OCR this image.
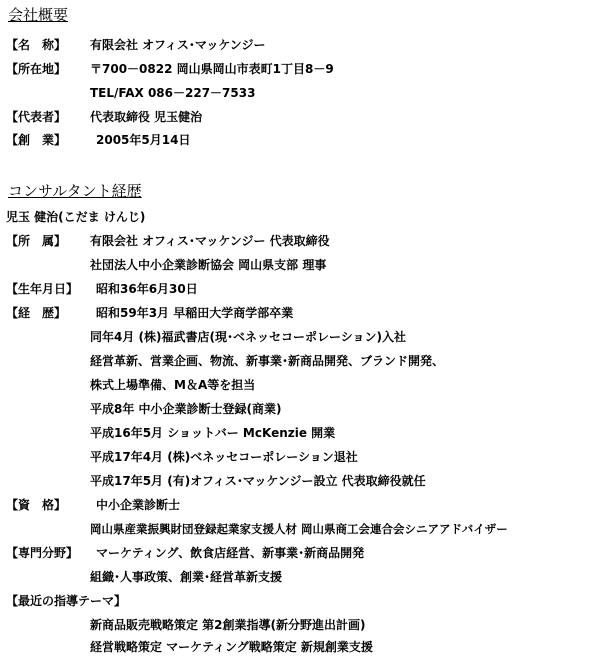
会社概要
【名　称】 有限会社 オフィス･マッケンジー
【所在地】 〒700－0822 岡山県岡山市表町1丁目8－9
TEL/FAX 086－227－7533
【代表者】 代表取締役 児玉健治
【創　業】 2005年5月14日
コンサルタント経歴
児玉 健治(こだま けんじ)
【所　属】 有限会社 オフィス･マッケンジー 代表取締役
社団法人中小企業診断協会 岡山県支部 理事
【生年月日】 昭和36年6月30日
【経　歴】 昭和59年3月 早稲田大学商学部卒業
同年4月 (株)福武書店(現･ベネッセコーポレーション)入社
経営革新、営業企画、物流、新事業･新商品開発、ブランド開発、
株式上場準備、M＆A等を担当
平成8年 中小企業診断士登録(商業)
平成16年5月 ショットバー McKenzie 開業
平成17年4月 (株)ベネッセコーポレーション退社
平成17年5月 (有)オフィス･マッケンジー設立 代表取締役就任
【資　格】 中小企業診断士
岡山県産業振興財団登録起業家支援人材 岡山県商工会連合会シニアアドバイザー
【専門分野】 マーケティング、飲食店経営、新事業･新商品開発
組織･人事政策、創業･経営革新支援
【最近の指導テーマ】
新商品販売戦略策定 第2創業指導(新分野進出計画)
経営戦略策定 マーケティング戦略策定 新規創業支援
